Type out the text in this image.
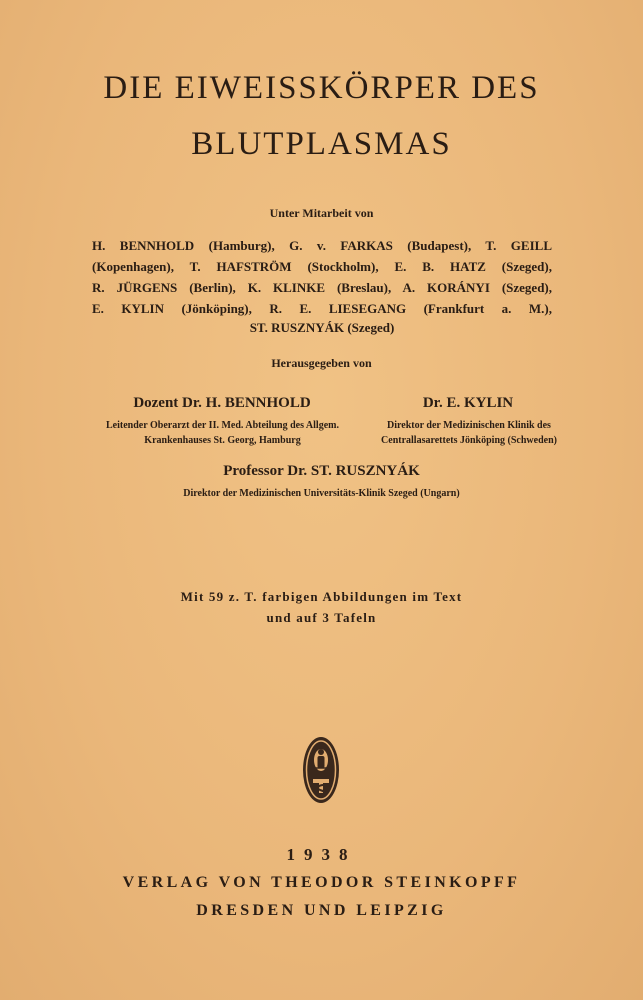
DIE EIWEISSKÖRPER DES
BLUTPLASMAS
Unter Mitarbeit von
H. BENNHOLD (Hamburg), G. v. FARKAS (Budapest), T. GEILL
(Kopenhagen), T. HAFSTRÖM (Stockholm), E. B. HATZ (Szeged),
R. JÜRGENS (Berlin), K. KLINKE (Breslau), A. KORÁNYI (Szeged),
E. KYLIN (Jönköping), R. E. LIESEGANG (Frankfurt a. M.),
ST. RUSZNYÁK (Szeged)
Herausgegeben von
Dozent Dr. H. BENNHOLD
Leitender Oberarzt der II. Med. Abteilung des Allgem.
Krankenhauses St. Georg, Hamburg
Dr. E. KYLIN
Direktor der Medizinischen Klinik des
Centrallasarettets Jönköping (Schweden)
Professor Dr. ST. RUSZNYÁK
Direktor der Medizinischen Universitäts-Klinik Szeged (Ungarn)
Mit 59 z. T. farbigen Abbildungen im Text
und auf 3 Tafeln
1938
VERLAG VON THEODOR STEINKOPFF
DRESDEN UND LEIPZIG
